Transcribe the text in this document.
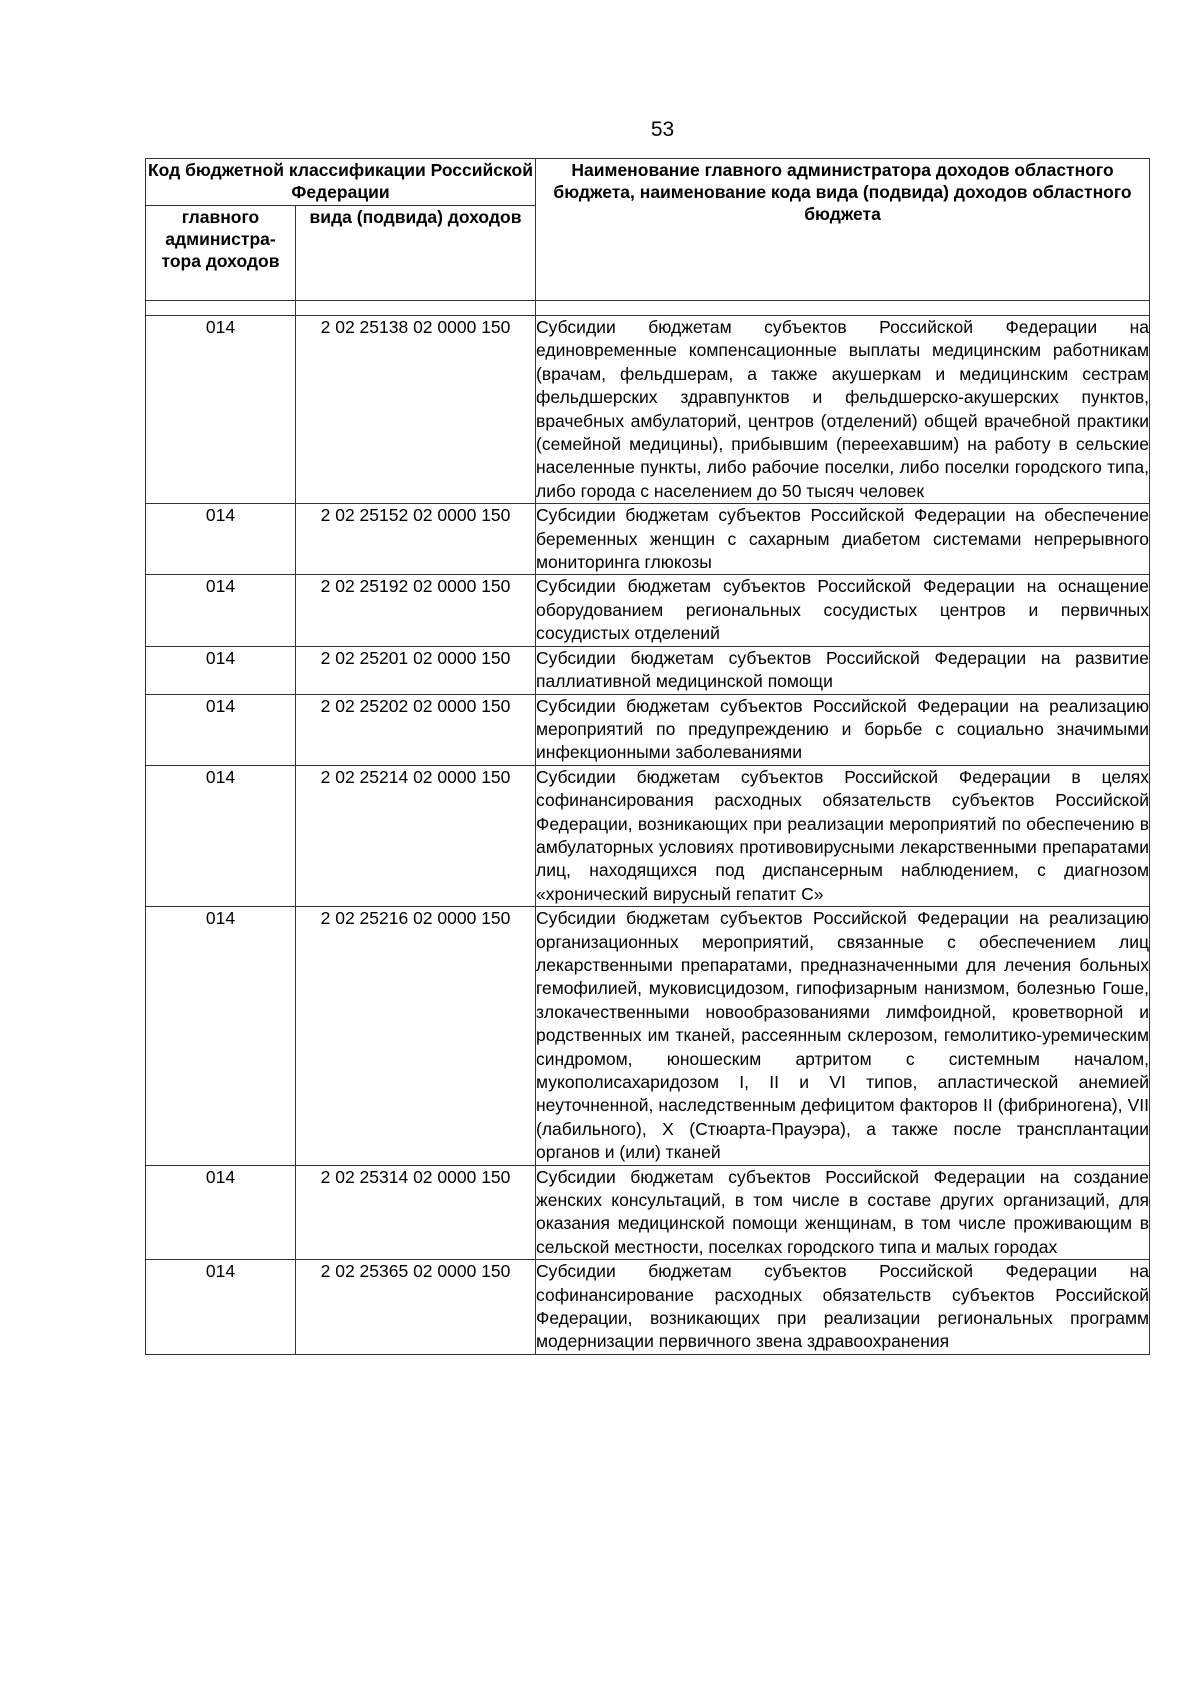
53
Код бюджетной классификации Российской Федерации		Наименование главного администратора доходов областного бюджета, наименование кода вида (подвида) доходов областного бюджета
главного администра-тора доходов	вида (подвида) доходов	

014	2 02 25138 02 0000 150	Субсидии бюджетам субъектов Российской Федерации на единовременные компенсационные выплаты медицинским работникам (врачам, фельдшерам, а также акушеркам и медицинским сестрам фельдшерских здравпунктов и фельдшерско-акушерских пунктов, врачебных амбулаторий, центров (отделений) общей врачебной практики (семейной медицины), прибывшим (переехавшим) на работу в сельские населенные пункты, либо рабочие поселки, либо поселки городского типа, либо города с населением до 50 тысяч человек
014	2 02 25152 02 0000 150	Субсидии бюджетам субъектов Российской Федерации на обеспечение беременных женщин с сахарным диабетом системами непрерывного мониторинга глюкозы
014	2 02 25192 02 0000 150	Субсидии бюджетам субъектов Российской Федерации на оснащение оборудованием региональных сосудистых центров и первичных сосудистых отделений
014	2 02 25201 02 0000 150	Субсидии бюджетам субъектов Российской Федерации на развитие паллиативной медицинской помощи
014	2 02 25202 02 0000 150	Субсидии бюджетам субъектов Российской Федерации на реализацию мероприятий по предупреждению и борьбе с социально значимыми инфекционными заболеваниями
014	2 02 25214 02 0000 150	Субсидии бюджетам субъектов Российской Федерации в целях софинансирования расходных обязательств субъектов Российской Федерации, возникающих при реализации мероприятий по обеспечению в амбулаторных условиях противовирусными лекарственными препаратами лиц, находящихся под диспансерным наблюдением, с диагнозом «хронический вирусный гепатит С»
014	2 02 25216 02 0000 150	Субсидии бюджетам субъектов Российской Федерации на реализацию организационных мероприятий, связанные с обеспечением лиц лекарственными препаратами, предназначенными для лечения больных гемофилией, муковисцидозом, гипофизарным нанизмом, болезнью Гоше, злокачественными новообразованиями лимфоидной, кроветворной и родственных им тканей, рассеянным склерозом, гемолитико-уремическим синдромом, юношеским артритом с системным началом, мукополисахаридозом I, II и VI типов, апластической анемией неуточненной, наследственным дефицитом факторов II (фибриногена), VII (лабильного), X (Стюарта-Прауэра), а также после трансплантации органов и (или) тканей
014	2 02 25314 02 0000 150	Субсидии бюджетам субъектов Российской Федерации на создание женских консультаций, в том числе в составе других организаций, для оказания медицинской помощи женщинам, в том числе проживающим в сельской местности, поселках городского типа и малых городах
014	2 02 25365 02 0000 150	Субсидии бюджетам субъектов Российской Федерации на софинансирование расходных обязательств субъектов Российской Федерации, возникающих при реализации региональных программ модернизации первичного звена здравоохранения
